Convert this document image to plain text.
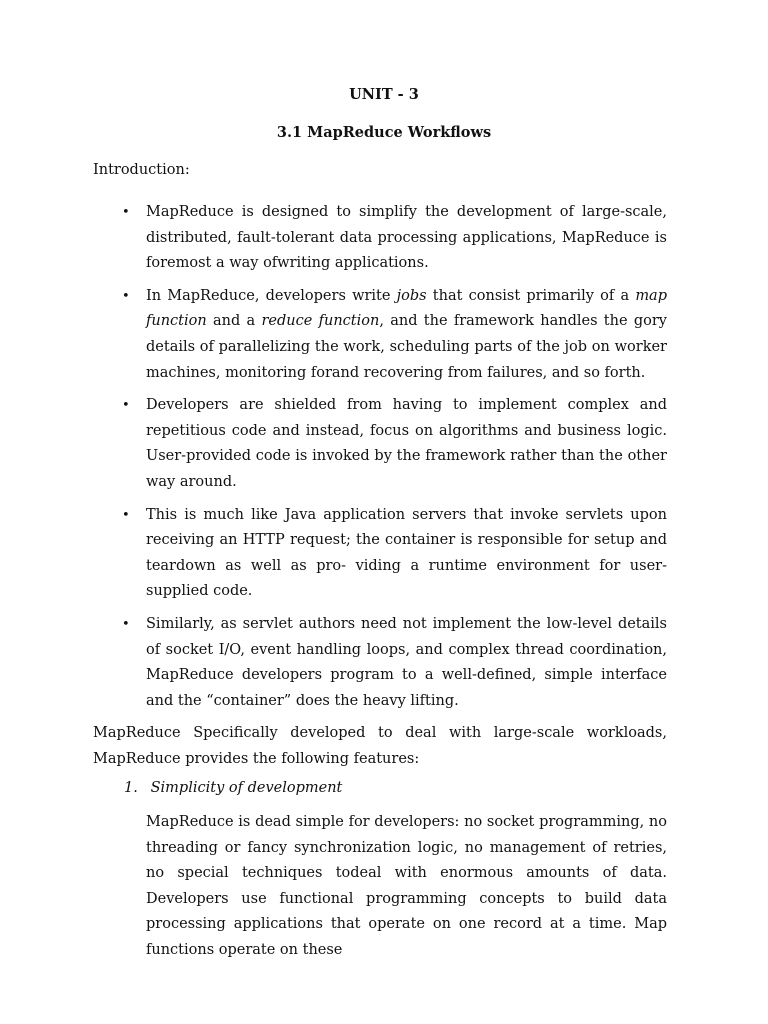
UNIT - 3
3.1 MapReduce Workflows
Introduction:
• MapReduce is designed to simplify the development of large-scale, distributed, fault-tolerant data processing applications, MapReduce is foremost a way ofwriting applications.
• In MapReduce, developers write jobs that consist primarily of a map function and a reduce function, and the framework handles the gory details of parallelizing the work, scheduling parts of the job on worker machines, monitoring forand recovering from failures, and so forth.
• Developers are shielded from having to implement complex and repetitious code and instead, focus on algorithms and business logic. User-provided code is invoked by the framework rather than the other way around.
• This is much like Java application servers that invoke servlets upon receiving an HTTP request; the container is responsible for setup and teardown as well as pro- viding a runtime environment for user-supplied code.
• Similarly, as servlet authors need not implement the low-level details of socket I/O, event handling loops, and complex thread coordination, MapReduce developers program to a well-defined, simple interface and the “container” does the heavy lifting.
MapReduce Specifically developed to deal with large-scale workloads, MapReduce provides the following features:
1. Simplicity of development
MapReduce is dead simple for developers: no socket programming, no threading or fancy synchronization logic, no management of retries, no special techniques todeal with enormous amounts of data. Developers use functional programming concepts to build data processing applications that operate on one record at a time. Map functions operate on these
